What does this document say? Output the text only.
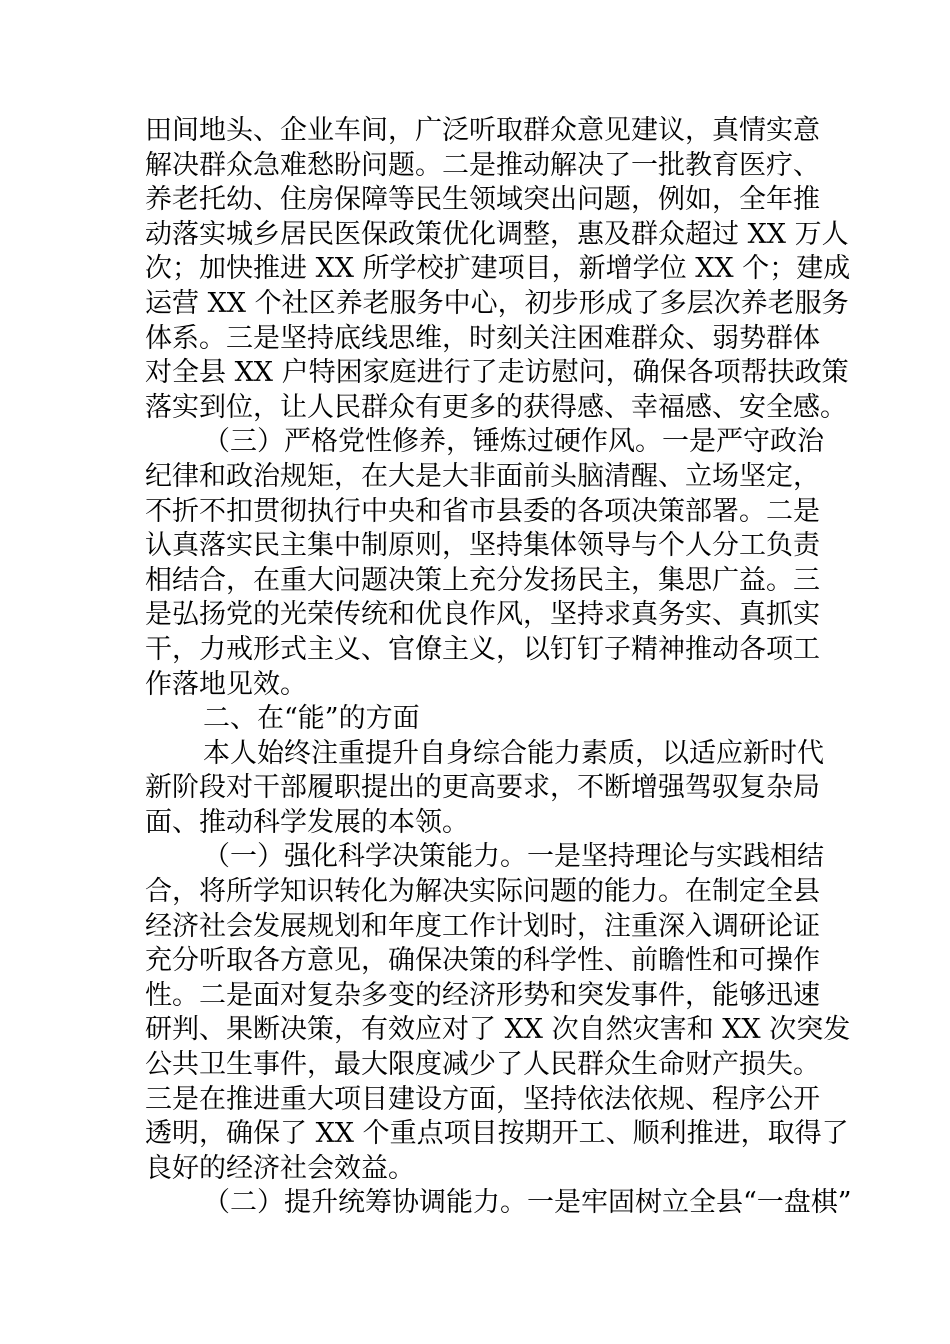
田间地头、企业车间，广泛听取群众意见建议，真情实意
解决群众急难愁盼问题。二是推动解决了一批教育医疗、
养老托幼、住房保障等民生领域突出问题，例如，全年推
动落实城乡居民医保政策优化调整，惠及群众超过 XX 万人
次；加快推进 XX 所学校扩建项目，新增学位 XX 个；建成
运营 XX 个社区养老服务中心，初步形成了多层次养老服务
体系。三是坚持底线思维，时刻关注困难群众、弱势群体
对全县 XX 户特困家庭进行了走访慰问，确保各项帮扶政策
落实到位，让人民群众有更多的获得感、幸福感、安全感。
（三）严格党性修养，锤炼过硬作风。一是严守政治
纪律和政治规矩，在大是大非面前头脑清醒、立场坚定，
不折不扣贯彻执行中央和省市县委的各项决策部署。二是
认真落实民主集中制原则，坚持集体领导与个人分工负责
相结合，在重大问题决策上充分发扬民主，集思广益。三
是弘扬党的光荣传统和优良作风，坚持求真务实、真抓实
干，力戒形式主义、官僚主义，以钉钉子精神推动各项工
作落地见效。
二、在“能”的方面
本人始终注重提升自身综合能力素质，以适应新时代
新阶段对干部履职提出的更高要求，不断增强驾驭复杂局
面、推动科学发展的本领。
（一）强化科学决策能力。一是坚持理论与实践相结
合，将所学知识转化为解决实际问题的能力。在制定全县
经济社会发展规划和年度工作计划时，注重深入调研论证
充分听取各方意见，确保决策的科学性、前瞻性和可操作
性。二是面对复杂多变的经济形势和突发事件，能够迅速
研判、果断决策，有效应对了 XX 次自然灾害和 XX 次突发
公共卫生事件，最大限度减少了人民群众生命财产损失。
三是在推进重大项目建设方面，坚持依法依规、程序公开
透明，确保了 XX 个重点项目按期开工、顺利推进，取得了
良好的经济社会效益。
（二）提升统筹协调能力。一是牢固树立全县“一盘棋”
